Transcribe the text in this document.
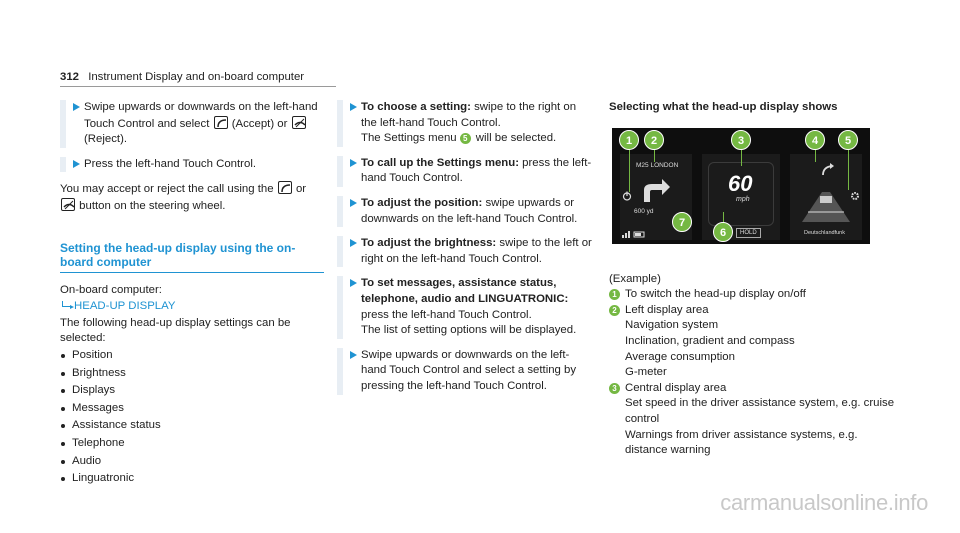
312 Instrument Display and on-board computer
Swipe upwards or downwards on the left-hand Touch Control and select (Accept) or
(Reject).
Press the left-hand Touch Control.
You may accept or reject the call using the or
button on the steering wheel.
Setting the head-up display using the on-board computer
On-board computer:
HEAD-UP DISPLAY
The following head-up display settings can be selected:
Position
Brightness
Displays
Messages
Assistance status
Telephone
Audio
Linguatronic
To choose a setting: swipe to the right on the left-hand Touch Control.
The Settings menu 5 will be selected.
To call up the Settings menu: press the left-hand Touch Control.
To adjust the position: swipe upwards or downwards on the left-hand Touch Control.
To adjust the brightness: swipe to the left or right on the left-hand Touch Control.
To set messages, assistance status, telephone, audio and LINGUATRONIC: press the left-hand Touch Control.
The list of setting options will be displayed.
Swipe upwards or downwards on the left-hand Touch Control and select a setting by pressing the left-hand Touch Control.
Selecting what the head-up display shows
M25 LONDON
600 yd
60
mph
HOLD	Deutschlandfunk
1	2	3	4	5
6
7
(Example)
1 To switch the head-up display on/off
2 Left display area
Navigation system
Inclination, gradient and compass
Average consumption
G-meter
3 Central display area
Set speed in the driver assistance system, e.g. cruise control
Warnings from driver assistance systems, e.g. distance warning
carmanualsonline.info
